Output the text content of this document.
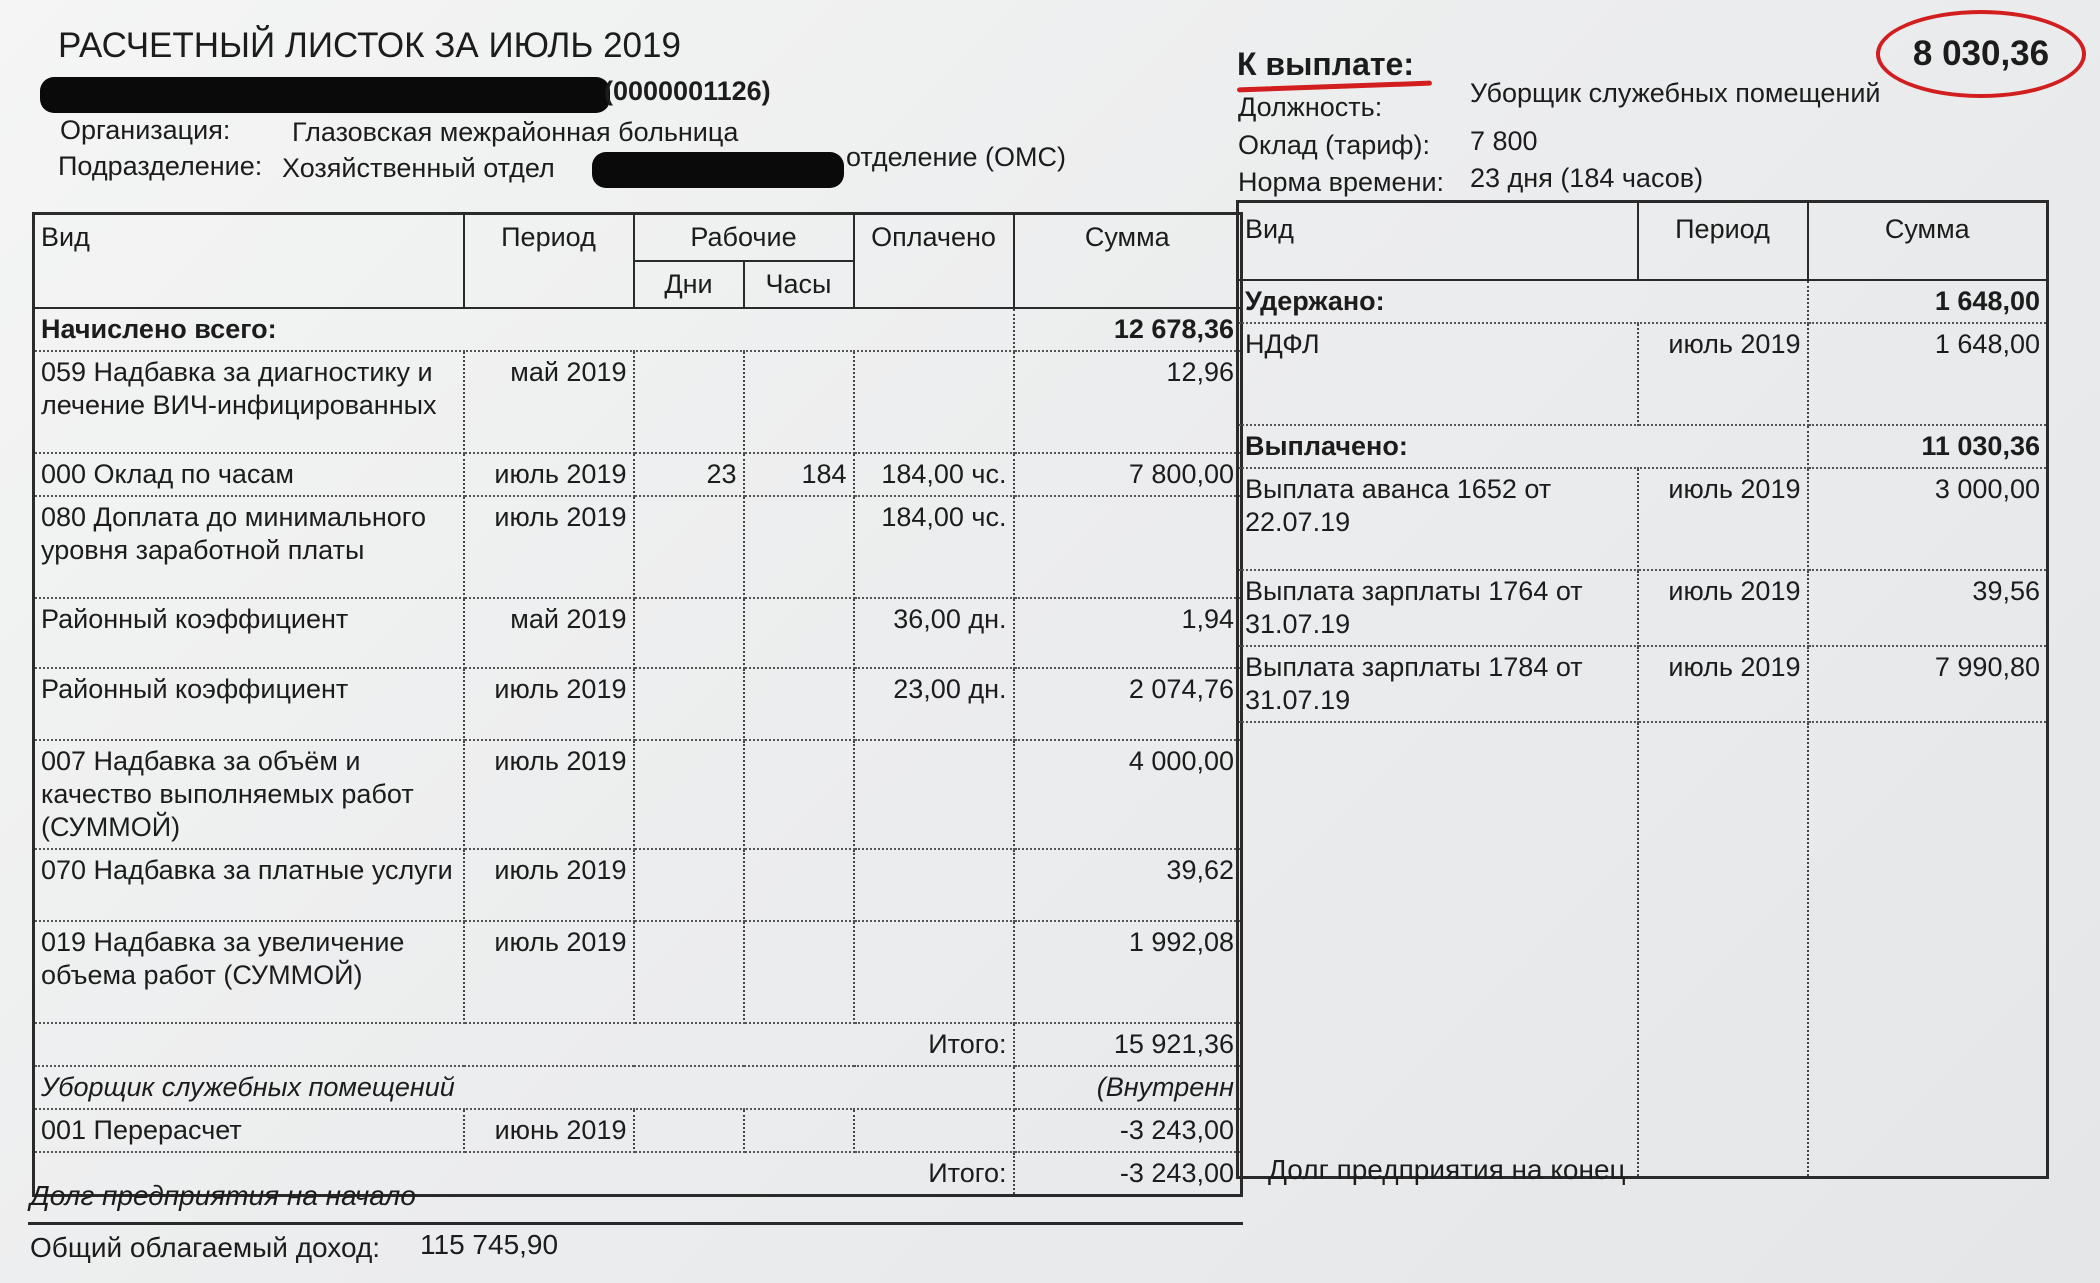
РАСЧЕТНЫЙ ЛИСТОК ЗА ИЮЛЬ 2019
(0000001126)
Организация: Глазовская межрайонная больница
Подразделение: Хозяйственный отдел	отделение (ОМС)
К выплате:	8 030,36
Должность:	Уборщик служебных помещений
Оклад (тариф): 7 800
Норма времени: 23 дня (184 часов)
Вид	Период	Рабочие		Оплачено	Сумма
		Дни	Часы		
Начислено всего:					12 678,36
059 Надбавка за диагностику и лечение ВИЧ-инфицированных	май 2019				12,96
000 Оклад по часам	июль 2019	23	184	184,00 чс.	7 800,00
080 Доплата до минимального уровня заработной платы	июль 2019			184,00 чс.	
Районный коэффициент	май 2019			36,00 дн.	1,94
Районный коэффициент	июль 2019			23,00 дн.	2 074,76
007 Надбавка за объём и качество выполняемых работ (СУММОЙ)	июль 2019				4 000,00
070 Надбавка за платные услуги	июль 2019				39,62
019 Надбавка за увеличение объема работ (СУММОЙ)	июль 2019				1 992,08
Итого:					15 921,36
Уборщик служебных помещений					(Внутренн
001 Перерасчет	июнь 2019				-3 243,00
Итого:					-3 243,00
Вид	Период	Сумма
Удержано:		1 648,00
НДФЛ	июль 2019	1 648,00
Выплачено:		11 030,36
Выплата аванса 1652 от 22.07.19	июль 2019	3 000,00
Выплата зарплаты 1764 от 31.07.19	июль 2019	39,56
Выплата зарплаты 1784 от 31.07.19	июль 2019	7 990,80

Долг предприятия на начало
Долг предприятия на конец
Общий облагаемый доход: 115 745,90
